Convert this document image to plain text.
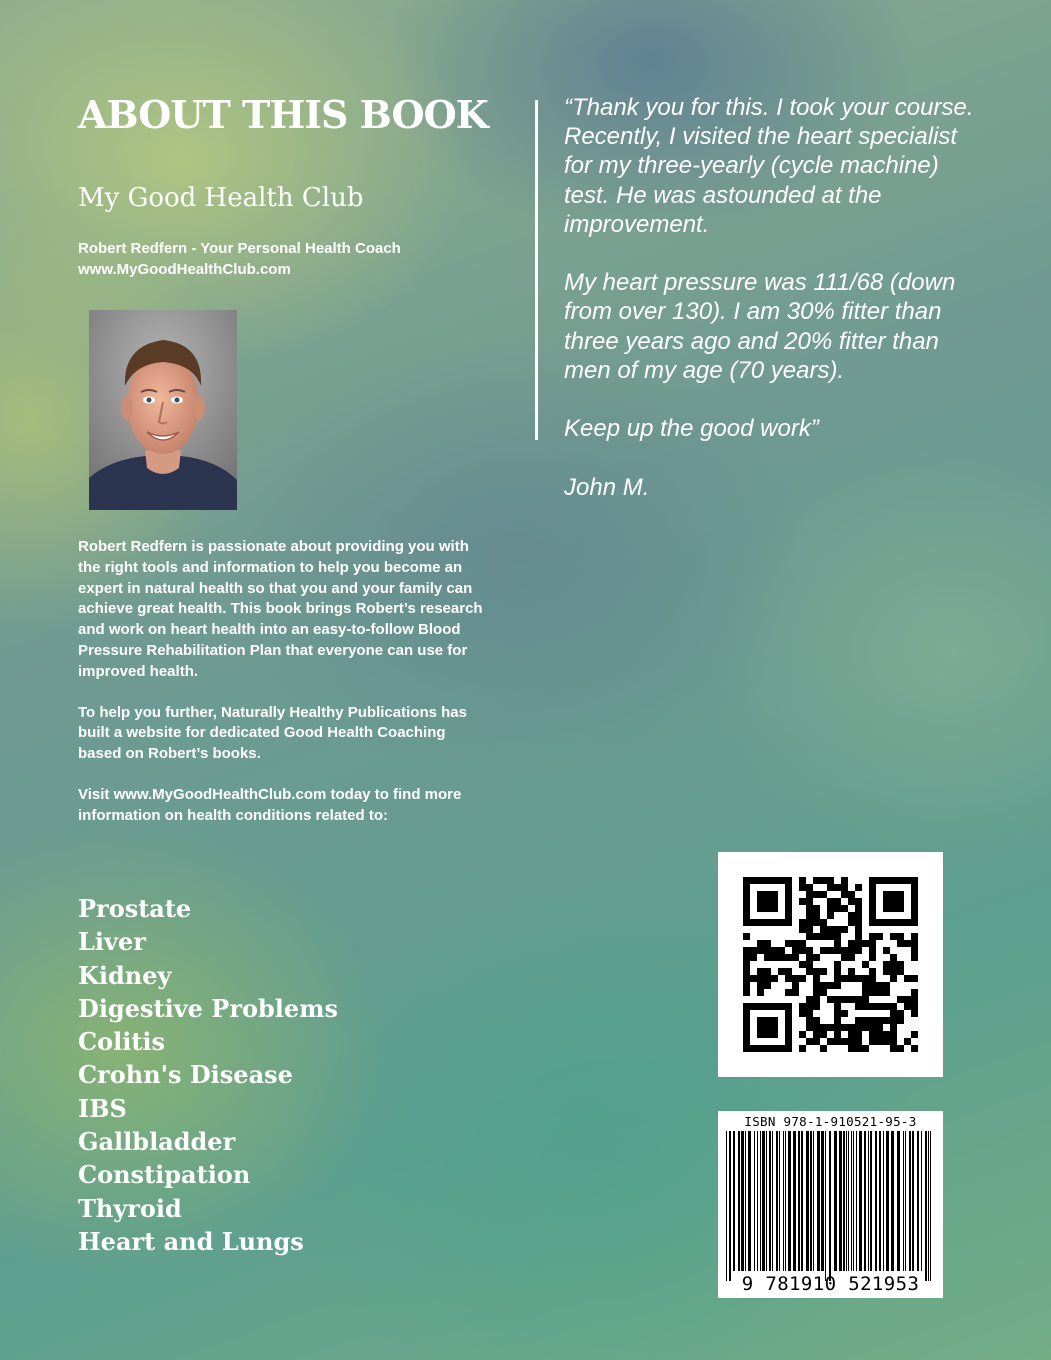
ABOUT THIS BOOK
My Good Health Club
Robert Redfern - Your Personal Health Coach
www.MyGoodHealthClub.com

Robert Redfern is passionate about providing you with the right tools and information to help you become an expert in natural health so that you and your family can achieve great health. This book brings Robert’s research and work on heart health into an easy-to-follow Blood Pressure Rehabilitation Plan that everyone can use for improved health.

To help you further, Naturally Healthy Publications has built a website for dedicated Good Health Coaching based on Robert’s books.

Visit www.MyGoodHealthClub.com today to find more information on health conditions related to:

Prostate
Liver
Kidney
Digestive Problems
Colitis
Crohn's Disease
IBS
Gallbladder
Constipation
Thyroid
Heart and Lungs

“Thank you for this. I took your course. Recently, I visited the heart specialist for my three-yearly (cycle machine) test. He was astounded at the improvement.

My heart pressure was 111/68 (down from over 130). I am 30% fitter than three years ago and 20% fitter than men of my age (70 years).

Keep up the good work”

John M.

ISBN 978-1-910521-95-3
9 781910 521953
